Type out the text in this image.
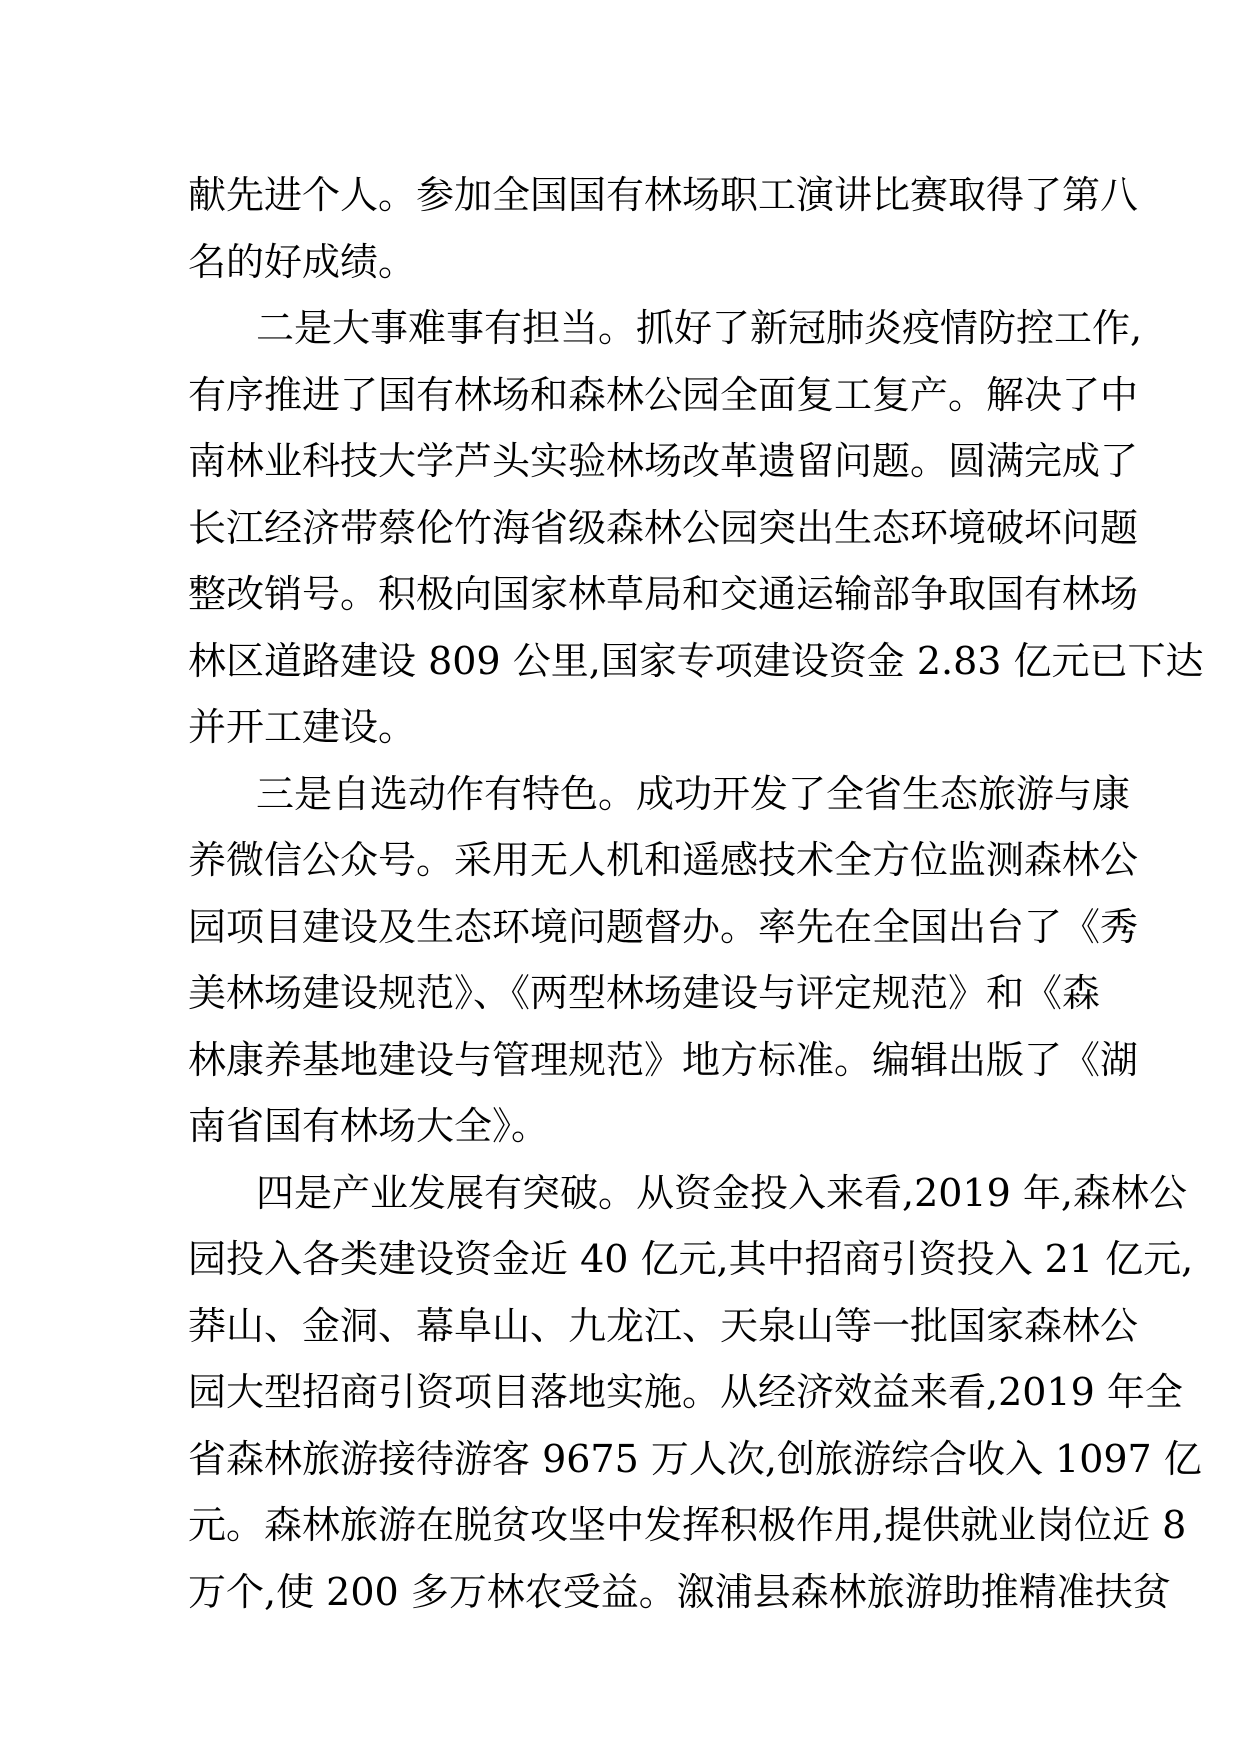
献先进个人。参加全国国有林场职工演讲比赛取得了第八
名的好成绩。
二是大事难事有担当。抓好了新冠肺炎疫情防控工作,
有序推进了国有林场和森林公园全面复工复产。解决了中
南林业科技大学芦头实验林场改革遗留问题。圆满完成了
长江经济带蔡伦竹海省级森林公园突出生态环境破坏问题
整改销号。积极向国家林草局和交通运输部争取国有林场
林区道路建设 809 公里,国家专项建设资金 2.83 亿元已下达
并开工建设。
三是自选动作有特色。成功开发了全省生态旅游与康
养微信公众号。采用无人机和遥感技术全方位监测森林公
园项目建设及生态环境问题督办。率先在全国出台了《秀
美林场建设规范》、《两型林场建设与评定规范》和《森
林康养基地建设与管理规范》地方标准。编辑出版了《湖
南省国有林场大全》。
四是产业发展有突破。从资金投入来看,2019 年,森林公
园投入各类建设资金近 40 亿元,其中招商引资投入 21 亿元,
莽山、金洞、幕阜山、九龙江、天泉山等一批国家森林公
园大型招商引资项目落地实施。从经济效益来看,2019 年全
省森林旅游接待游客 9675 万人次,创旅游综合收入 1097 亿
元。森林旅游在脱贫攻坚中发挥积极作用,提供就业岗位近 8
万个,使 200 多万林农受益。溆浦县森林旅游助推精准扶贫
